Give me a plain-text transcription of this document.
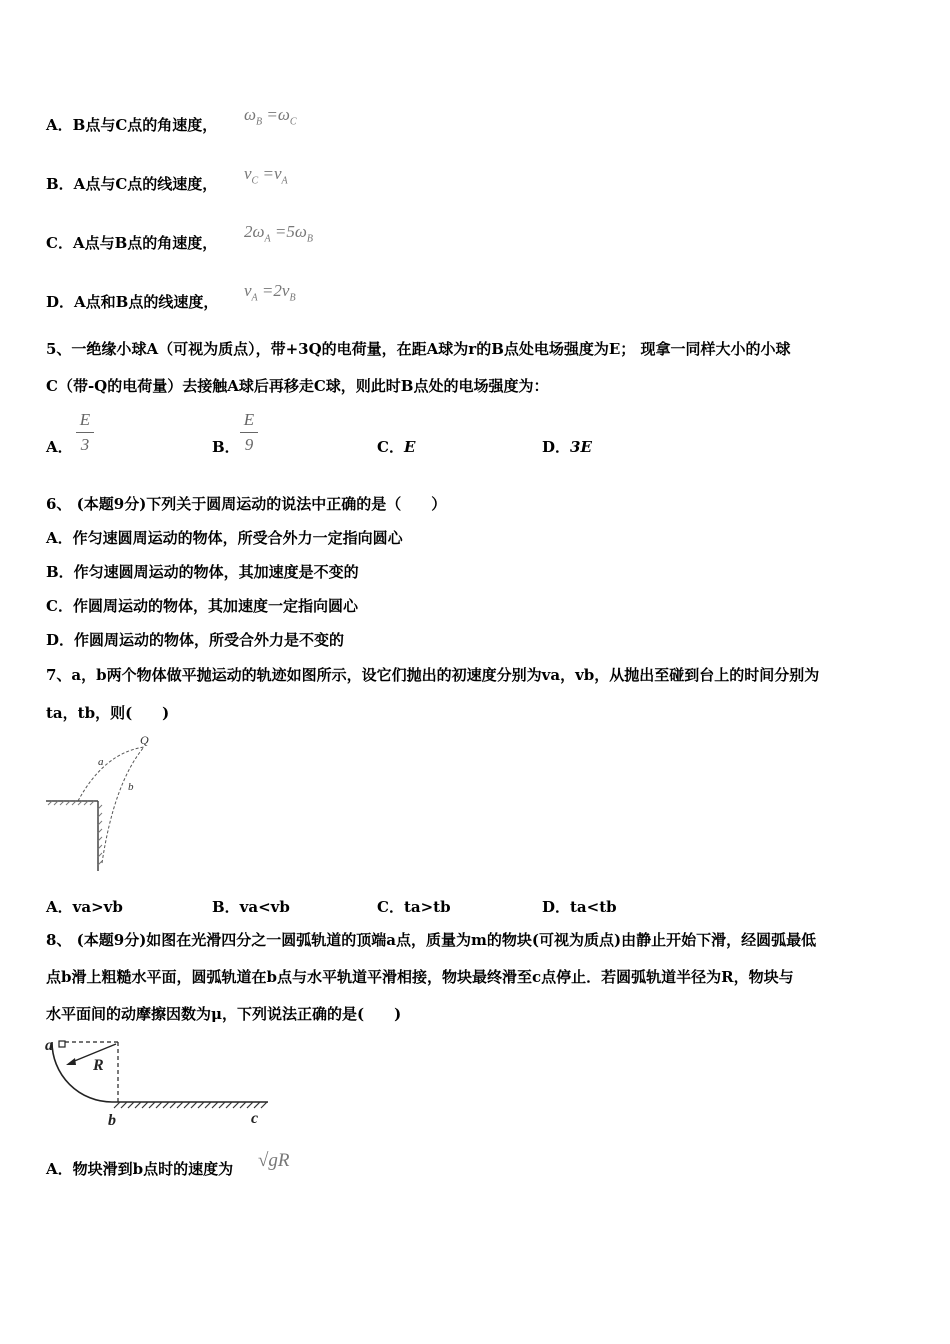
A．B点与C点的角速度，
$\omega_B =\omega_C$
B．A点与C点的线速度，
$v_C =v_A$
C．A点与B点的角速度，
$2\omega_A =5\omega_B$
D．A点和B点的线速度，
$v_A =2v_B$
5、一绝缘小球A（可视为质点），带+3Q的电荷量，在距A球为r的B点处电场强度为E； 现拿一同样大小的小球
C（带-Q的电荷量）去接触A球后再移走C球，则此时B点处的电场强度为：
A．
E
3	B．
E
9	C．E	D．3E
6、 (本题9分)下列关于圆周运动的说法中正确的是（　　）
A．作匀速圆周运动的物体，所受合外力一定指向圆心
B．作匀速圆周运动的物体，其加速度是不变的
C．作圆周运动的物体，其加速度一定指向圆心
D．作圆周运动的物体，所受合外力是不变的
7、a，b两个物体做平抛运动的轨迹如图所示，设它们抛出的初速度分别为va，vb，从抛出至碰到台上的时间分别为
ta，tb，则(　　)
Q
a
b
A．va>vb	B．va<vb	C．ta>tb	D．ta<tb
8、 (本题9分)如图在光滑四分之一圆弧轨道的顶端a点，质量为m的物块(可视为质点)由静止开始下滑，经圆弧最低
点b滑上粗糙水平面，圆弧轨道在b点与水平轨道平滑相接，物块最终滑至c点停止．若圆弧轨道半径为R，物块与
水平面间的动摩擦因数为μ，下列说法正确的是(　　)
a
R
b	c
A．物块滑到b点时的速度为 √gR
